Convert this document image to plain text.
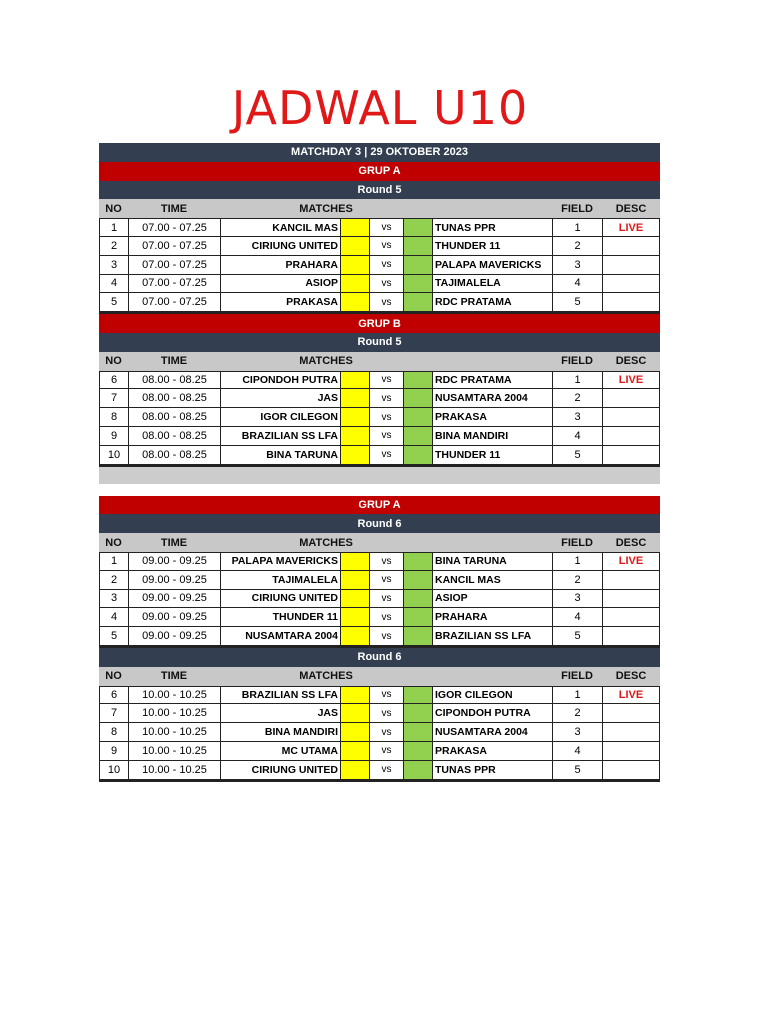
JADWAL U10
MATCHDAY 3 | 29 OKTOBER 2023
GRUP A
Round 5
NO	TIME	MATCHES	FIELD	DESC
1	07.00 - 07.25	KANCIL MAS	vs	TUNAS PPR	1	LIVE
2	07.00 - 07.25	CIRIUNG UNITED	vs	THUNDER 11	2
3	07.00 - 07.25	PRAHARA	vs	PALAPA MAVERICKS	3
4	07.00 - 07.25	ASIOP	vs	TAJIMALELA	4
5	07.00 - 07.25	PRAKASA	vs	RDC PRATAMA	5
GRUP B
Round 5
NO	TIME	MATCHES	FIELD	DESC
6	08.00 - 08.25	CIPONDOH PUTRA	vs	RDC PRATAMA	1	LIVE
7	08.00 - 08.25	JAS	vs	NUSAMTARA 2004	2
8	08.00 - 08.25	IGOR CILEGON	vs	PRAKASA	3
9	08.00 - 08.25	BRAZILIAN SS LFA	vs	BINA MANDIRI	4
10	08.00 - 08.25	BINA TARUNA	vs	THUNDER 11	5
GRUP A
Round 6
NO	TIME	MATCHES	FIELD	DESC
1	09.00 - 09.25	PALAPA MAVERICKS	vs	BINA TARUNA	1	LIVE
2	09.00 - 09.25	TAJIMALELA	vs	KANCIL MAS	2
3	09.00 - 09.25	CIRIUNG UNITED	vs	ASIOP	3
4	09.00 - 09.25	THUNDER 11	vs	PRAHARA	4
5	09.00 - 09.25	NUSAMTARA 2004	vs	BRAZILIAN SS LFA	5
Round 6
NO	TIME	MATCHES	FIELD	DESC
6	10.00 - 10.25	BRAZILIAN SS LFA	vs	IGOR CILEGON	1	LIVE
7	10.00 - 10.25	JAS	vs	CIPONDOH PUTRA	2
8	10.00 - 10.25	BINA MANDIRI	vs	NUSAMTARA 2004	3
9	10.00 - 10.25	MC UTAMA	vs	PRAKASA	4
10	10.00 - 10.25	CIRIUNG UNITED	vs	TUNAS PPR	5
